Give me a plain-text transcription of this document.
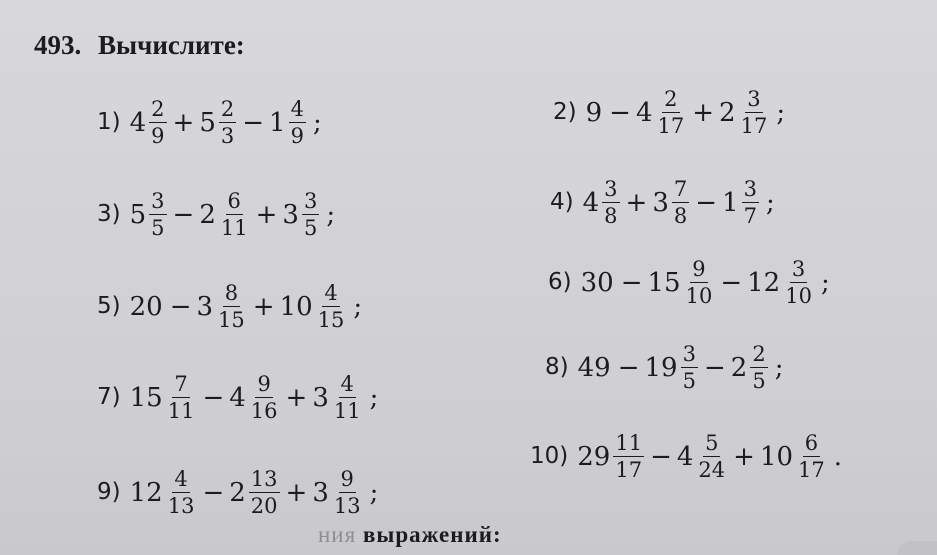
493. Вычислите:
1) $4 \frac{2}{9} + 5 \frac{2}{3} - 1 \frac{4}{9}$ ;	2) $9 - 4 \frac{2}{17} + 2 \frac{3}{17}$ ;
3) $5 \frac{3}{5} - 2 \frac{6}{11} + 3 \frac{3}{5}$ ;	4) $4 \frac{3}{8} + 3 \frac{7}{8} - 1 \frac{3}{7}$ ;
5) $20 - 3 \frac{8}{15} + 10 \frac{4}{15}$ ;
6) $30 - 15 \frac{9}{10} - 12 \frac{3}{10}$ ;
7) $15 \frac{7}{11} - 4 \frac{9}{16} + 3 \frac{4}{11}$ ;
8) $49 - 19 \frac{3}{5} - 2 \frac{2}{5}$ ;
9) $12 \frac{4}{13} - 2 \frac{13}{20} + 3 \frac{9}{13}$ ;
10) $29 \frac{11}{17} - 4 \frac{5}{24} + 10 \frac{6}{17}$ .
ния выражений:
